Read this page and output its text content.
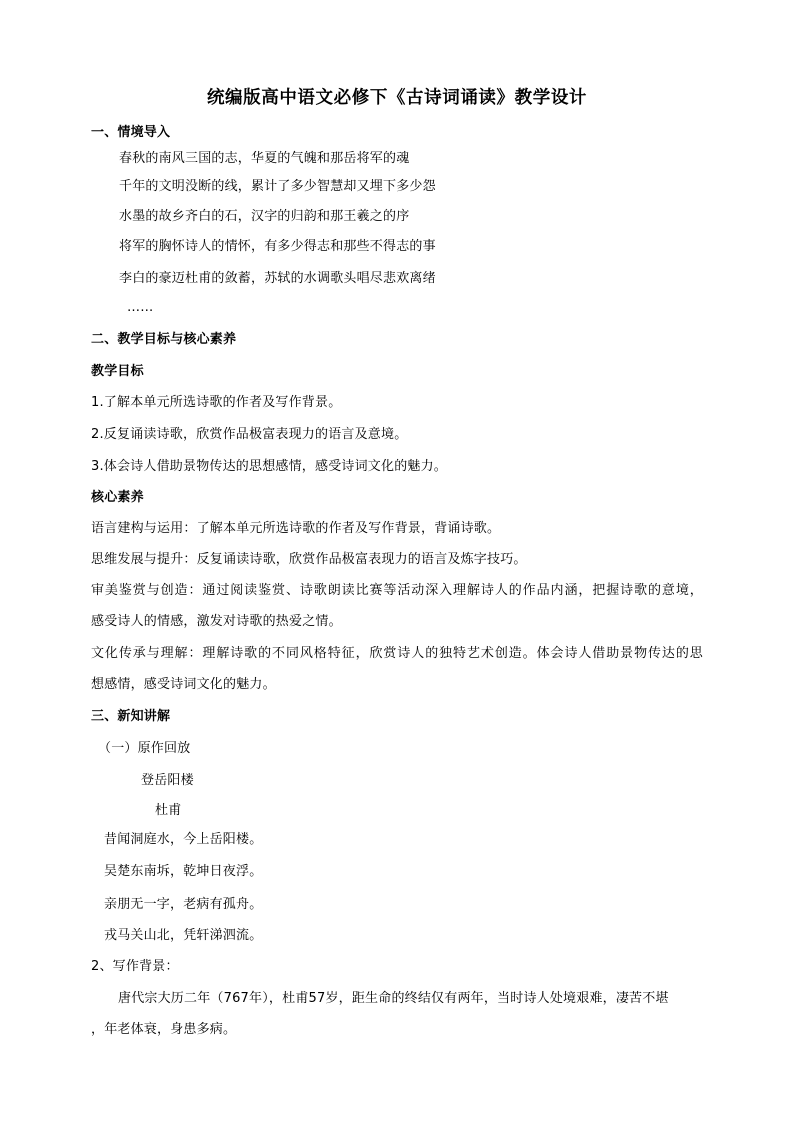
统编版高中语文必修下《古诗词诵读》教学设计
一、情境导入
春秋的南风三国的志，华夏的气魄和那岳将军的魂
千年的文明没断的线，累计了多少智慧却又埋下多少怨
水墨的故乡齐白的石，汉字的归韵和那王羲之的序
将军的胸怀诗人的情怀，有多少得志和那些不得志的事
李白的豪迈杜甫的敛蓄，苏轼的水调歌头唱尽悲欢离绪
……
二、教学目标与核心素养
教学目标
1.了解本单元所选诗歌的作者及写作背景。
2.反复诵读诗歌，欣赏作品极富表现力的语言及意境。
3.体会诗人借助景物传达的思想感情，感受诗词文化的魅力。
核心素养
语言建构与运用：了解本单元所选诗歌的作者及写作背景，背诵诗歌。
思维发展与提升：反复诵读诗歌，欣赏作品极富表现力的语言及炼字技巧。
审美鉴赏与创造：通过阅读鉴赏、诗歌朗读比赛等活动深入理解诗人的作品内涵，把握诗歌的意境，
感受诗人的情感，激发对诗歌的热爱之情。
文化传承与理解：理解诗歌的不同风格特征，欣赏诗人的独特艺术创造。体会诗人借助景物传达的思
想感情，感受诗词文化的魅力。
三、新知讲解
（一）原作回放
登岳阳楼
杜甫
昔闻洞庭水，今上岳阳楼。
吴楚东南坼，乾坤日夜浮。
亲朋无一字，老病有孤舟。
戎马关山北，凭轩涕泗流。
2、写作背景：
唐代宗大历二年（767年），杜甫57岁，距生命的终结仅有两年，当时诗人处境艰难，凄苦不堪
，年老体衰，身患多病。
